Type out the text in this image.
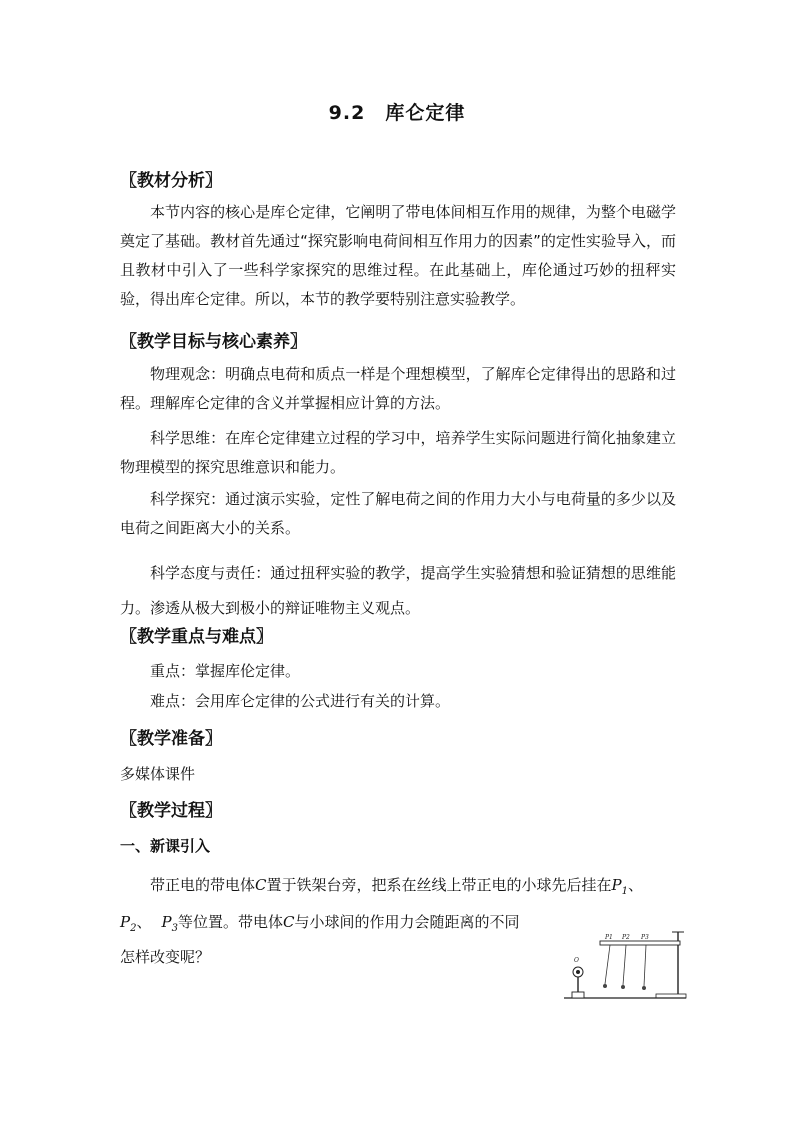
9.2　库仑定律
〖教材分析〗

本节内容的核心是库仑定律，它阐明了带电体间相互作用的规律，为整个电磁学奠定了基础。教材首先通过“探究影响电荷间相互作用力的因素”的定性实验导入，而且教材中引入了一些科学家探究的思维过程。在此基础上，库伦通过巧妙的扭秤实验，得出库仑定律。所以，本节的教学要特别注意实验教学。

〖教学目标与核心素养〗

物理观念：明确点电荷和质点一样是个理想模型，了解库仑定律得出的思路和过程。理解库仑定律的含义并掌握相应计算的方法。

科学思维：在库仑定律建立过程的学习中，培养学生实际问题进行简化抽象建立物理模型的探究思维意识和能力。

科学探究：通过演示实验，定性了解电荷之间的作用力大小与电荷量的多少以及电荷之间距离大小的关系。

科学态度与责任：通过扭秤实验的教学，提高学生实验猜想和验证猜想的思维能力。渗透从极大到极小的辩证唯物主义观点。

〖教学重点与难点〗
重点：掌握库伦定律。
难点：会用库仑定律的公式进行有关的计算。
〖教学准备〗
多媒体课件
〖教学过程〗
一、新课引入
带正电的带电体C置于铁架台旁，把系在丝线上带正电的小球先后挂在$P_1$、
$P_2$、 $P_3$等位置。带电体C与小球间的作用力会随距离的不同
怎样改变呢？
P1 P2 P3
O
